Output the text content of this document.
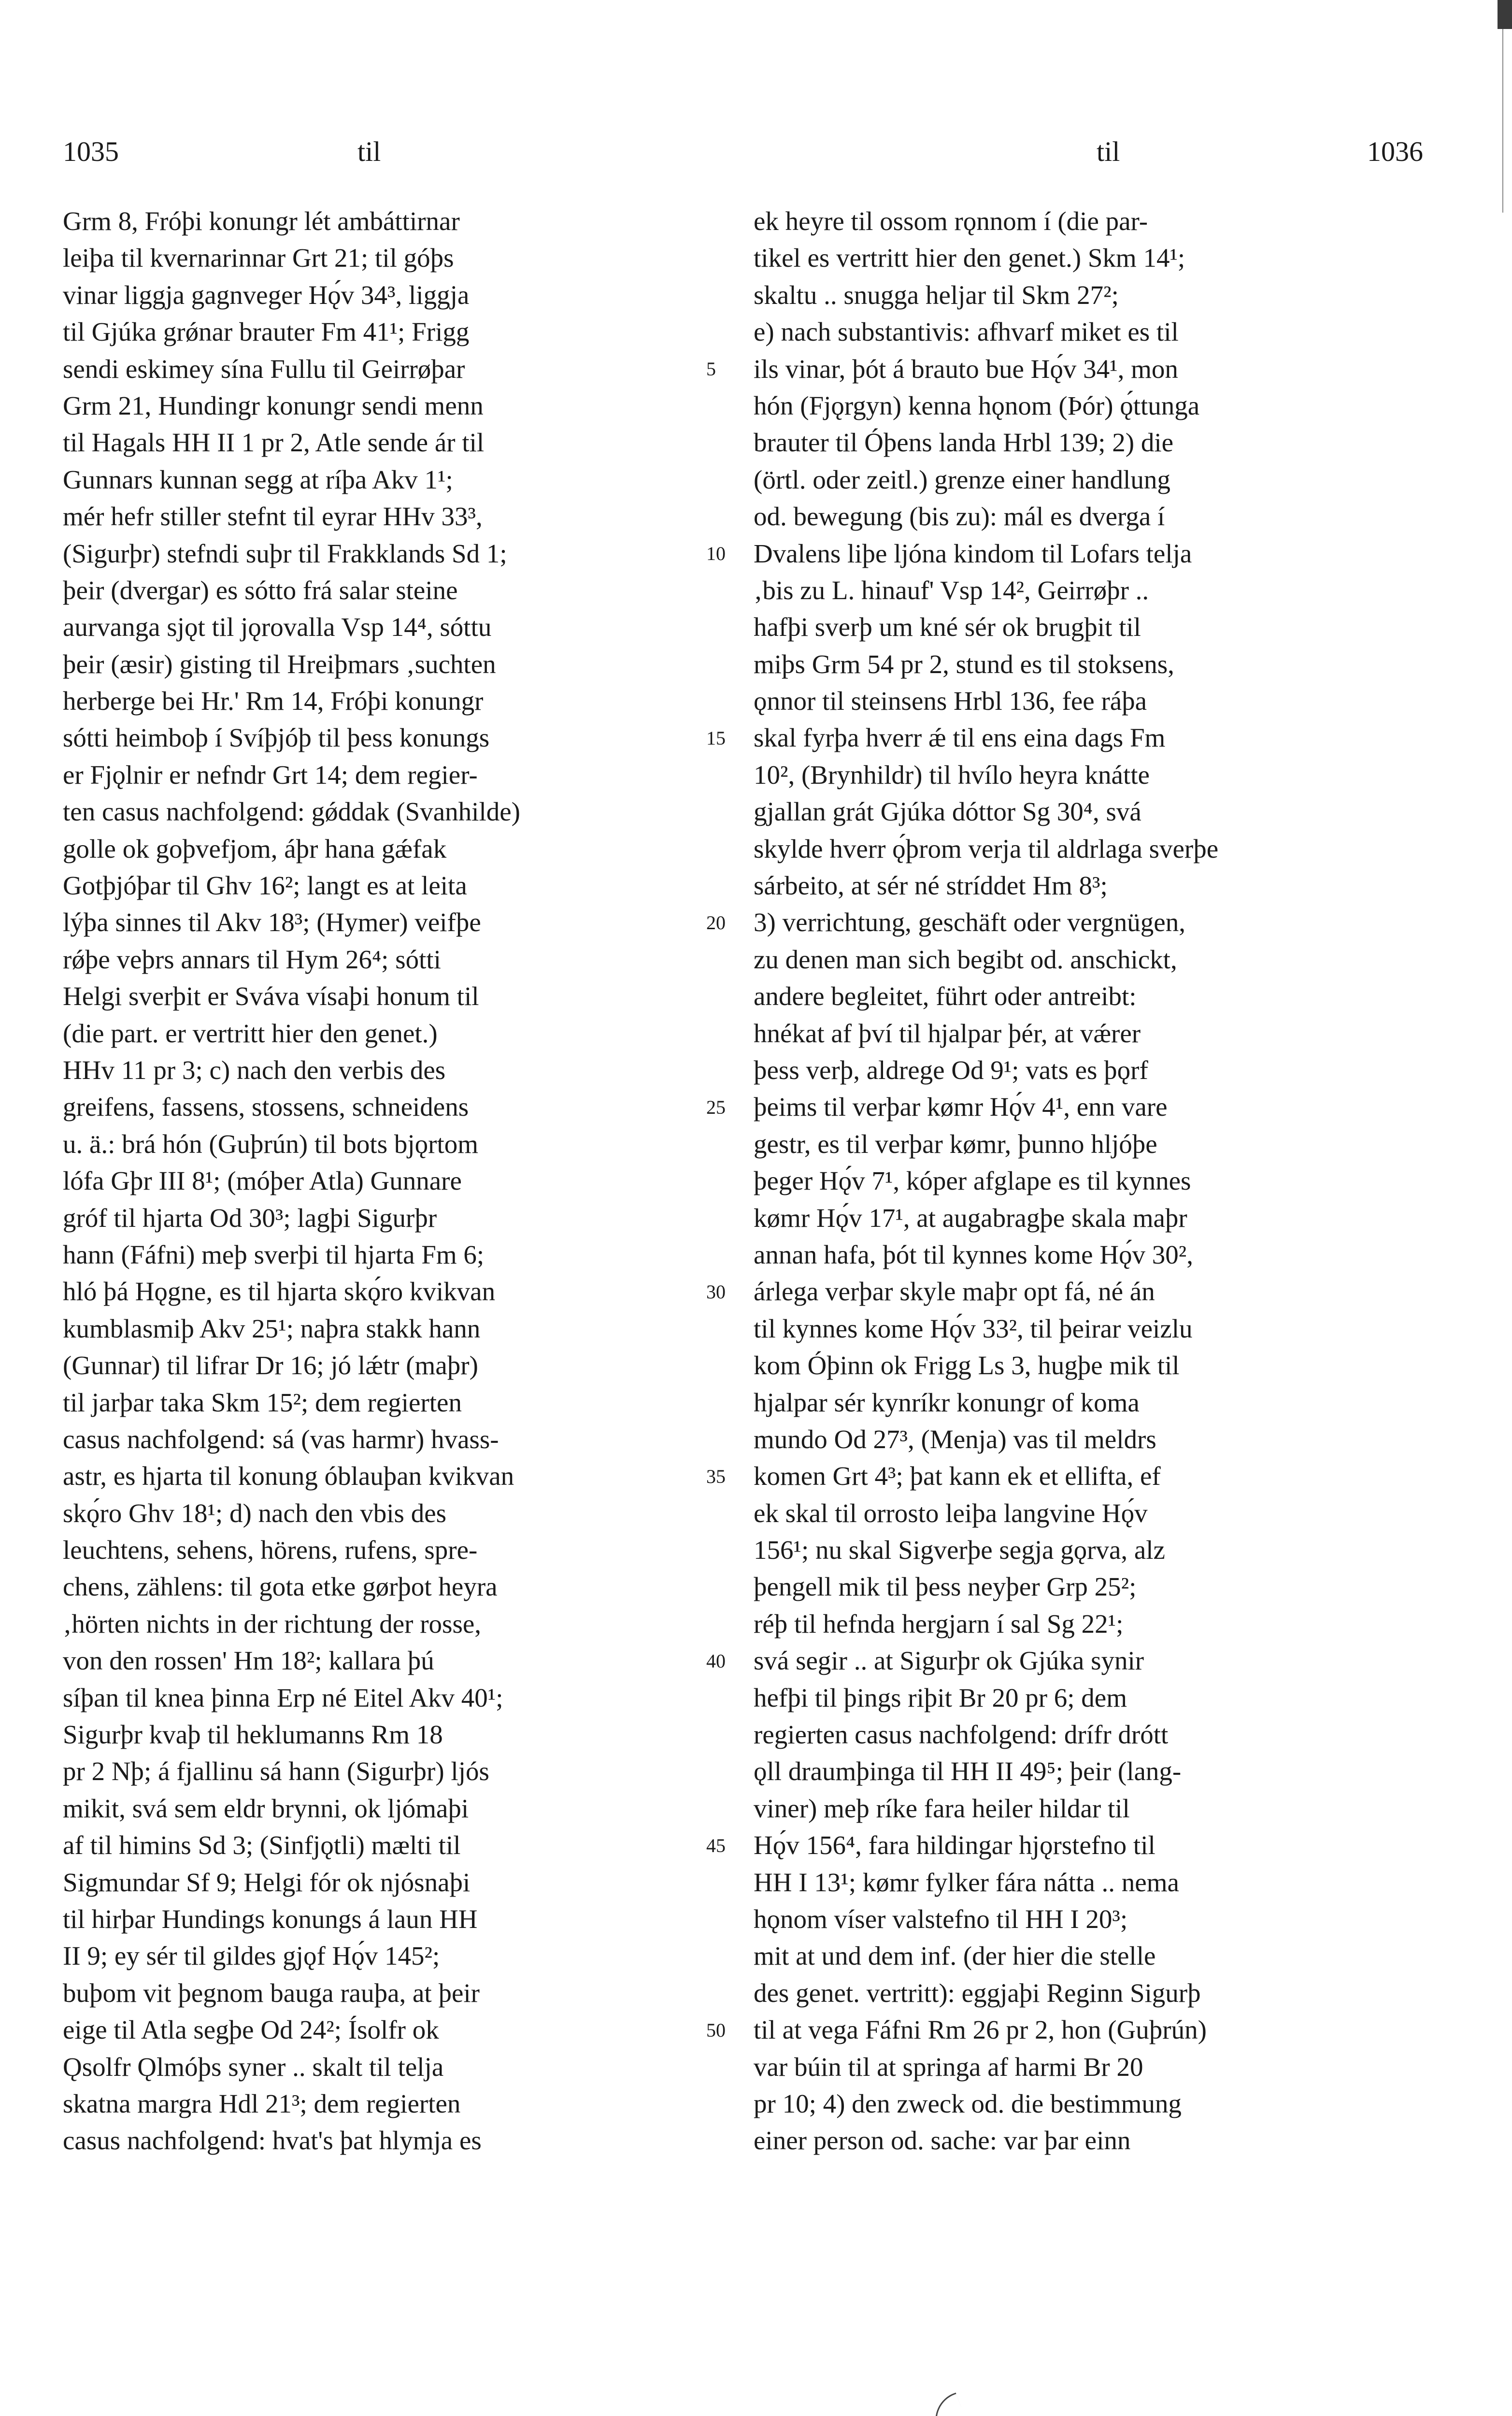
1035	til	til	1036
Grm 8, Fróþi konungr lét ambáttirnar
leiþa til kvernarinnar Grt 21; til góþs
vinar liggja gagnveger Hǫ́v 34³, liggja
til Gjúka grǿnar brauter Fm 41¹; Frigg
sendi eskimey sína Fullu til Geirrøþar
Grm 21, Hundingr konungr sendi menn
til Hagals HH II 1 pr 2, Atle sende ár til
Gunnars kunnan segg at ríþa Akv 1¹;
mér hefr stiller stefnt til eyrar HHv 33³,
(Sigurþr) stefndi suþr til Frakklands Sd 1;
þeir (dvergar) es sótto frá salar steine
aurvanga sjǫt til jǫrovalla Vsp 14⁴, sóttu
þeir (æsir) gisting til Hreiþmars ‚suchten
herberge bei Hr.' Rm 14, Fróþi konungr
sótti heimboþ í Svíþjóþ til þess konungs
er Fjǫlnir er nefndr Grt 14; dem regier-
ten casus nachfolgend: gǿddak (Svanhilde)
golle ok goþvefjom, áþr hana gǽfak
Gotþjóþar til Ghv 16²; langt es at leita
lýþa sinnes til Akv 18³; (Hymer) veifþe
rǿþe veþrs annars til Hym 26⁴; sótti
Helgi sverþit er Sváva vísaþi honum til
(die part. er vertritt hier den genet.)
HHv 11 pr 3; c) nach den verbis des
greifens, fassens, stossens, schneidens
u. ä.: brá hón (Guþrún) til bots bjǫrtom
lófa Gþr III 8¹; (móþer Atla) Gunnare
gróf til hjarta Od 30³; lagþi Sigurþr
hann (Fáfni) meþ sverþi til hjarta Fm 6;
hló þá Hǫgne, es til hjarta skǫ́ro kvikvan
kumblasmiþ Akv 25¹; naþra stakk hann
(Gunnar) til lifrar Dr 16; jó lǽtr (maþr)
til jarþar taka Skm 15²; dem regierten
casus nachfolgend: sá (vas harmr) hvass-
astr, es hjarta til konung óblauþan kvikvan
skǫ́ro Ghv 18¹; d) nach den vbis des
leuchtens, sehens, hörens, rufens, spre-
chens, zählens: til gota etke gørþot heyra
‚hörten nichts in der richtung der rosse,
von den rossen' Hm 18²; kallara þú
síþan til knea þinna Erp né Eitel Akv 40¹;
Sigurþr kvaþ til heklumanns Rm 18
pr 2 Nþ; á fjallinu sá hann (Sigurþr) ljós
mikit, svá sem eldr brynni, ok ljómaþi
af til himins Sd 3; (Sinfjǫtli) mælti til
Sigmundar Sf 9; Helgi fór ok njósnaþi
til hirþar Hundings konungs á laun HH
II 9; ey sér til gildes gjǫf Hǫ́v 145²;
buþom vit þegnom bauga rauþa, at þeir
eige til Atla segþe Od 24²; Ísolfr ok
Ǫsolfr Ǫlmóþs syner .. skalt til telja
skatna margra Hdl 21³; dem regierten
casus nachfolgend: hvat's þat hlymja es
5
10
15
20
25
30
35
40
45
50
ek heyre til ossom rǫnnom í (die par-
tikel es vertritt hier den genet.) Skm 14¹;
skaltu .. snugga heljar til Skm 27²;
e) nach substantivis: afhvarf miket es til
ils vinar, þót á brauto bue Hǫ́v 34¹, mon
hón (Fjǫrgyn) kenna hǫnom (Þór) ǫ́ttunga
brauter til Óþens landa Hrbl 139; 2) die
(örtl. oder zeitl.) grenze einer handlung
od. bewegung (bis zu): mál es dverga í
Dvalens liþe ljóna kindom til Lofars telja
‚bis zu L. hinauf' Vsp 14², Geirrøþr ..
hafþi sverþ um kné sér ok brugþit til
miþs Grm 54 pr 2, stund es til stoksens,
ǫnnor til steinsens Hrbl 136, fee ráþa
skal fyrþa hverr ǽ til ens eina dags Fm
10², (Brynhildr) til hvílo heyra knátte
gjallan grát Gjúka dóttor Sg 30⁴, svá
skylde hverr ǫ́þrom verja til aldrlaga sverþe
sárbeito, at sér né stríddet Hm 8³;
3) verrichtung, geschäft oder vergnügen,
zu denen man sich begibt od. anschickt,
andere begleitet, führt oder antreibt:
hnékat af því til hjalpar þér, at vǽrer
þess verþ, aldrege Od 9¹; vats es þǫrf
þeims til verþar kømr Hǫ́v 4¹, enn vare
gestr, es til verþar kømr, þunno hljóþe
þeger Hǫ́v 7¹, kóper afglape es til kynnes
kømr Hǫ́v 17¹, at augabragþe skala maþr
annan hafa, þót til kynnes kome Hǫ́v 30²,
árlega verþar skyle maþr opt fá, né án
til kynnes kome Hǫ́v 33², til þeirar veizlu
kom Óþinn ok Frigg Ls 3, hugþe mik til
hjalpar sér kynríkr konungr of koma
mundo Od 27³, (Menja) vas til meldrs
komen Grt 4³; þat kann ek et ellifta, ef
ek skal til orrosto leiþa langvine Hǫ́v
156¹; nu skal Sigverþe segja gǫrva, alz
þengell mik til þess neyþer Grp 25²;
réþ til hefnda hergjarn í sal Sg 22¹;
svá segir .. at Sigurþr ok Gjúka synir
hefþi til þings riþit Br 20 pr 6; dem
regierten casus nachfolgend: drífr drótt
ǫll draumþinga til HH II 49⁵; þeir (lang-
viner) meþ ríke fara heiler hildar til
Hǫ́v 156⁴, fara hildingar hjǫrstefno til
HH I 13¹; kømr fylker fára nátta .. nema
hǫnom víser valstefno til HH I 20³;
mit at und dem inf. (der hier die stelle
des genet. vertritt): eggjaþi Reginn Sigurþ
til at vega Fáfni Rm 26 pr 2, hon (Guþrún)
var búin til at springa af harmi Br 20
pr 10; 4) den zweck od. die bestimmung
einer person od. sache: var þar einn
